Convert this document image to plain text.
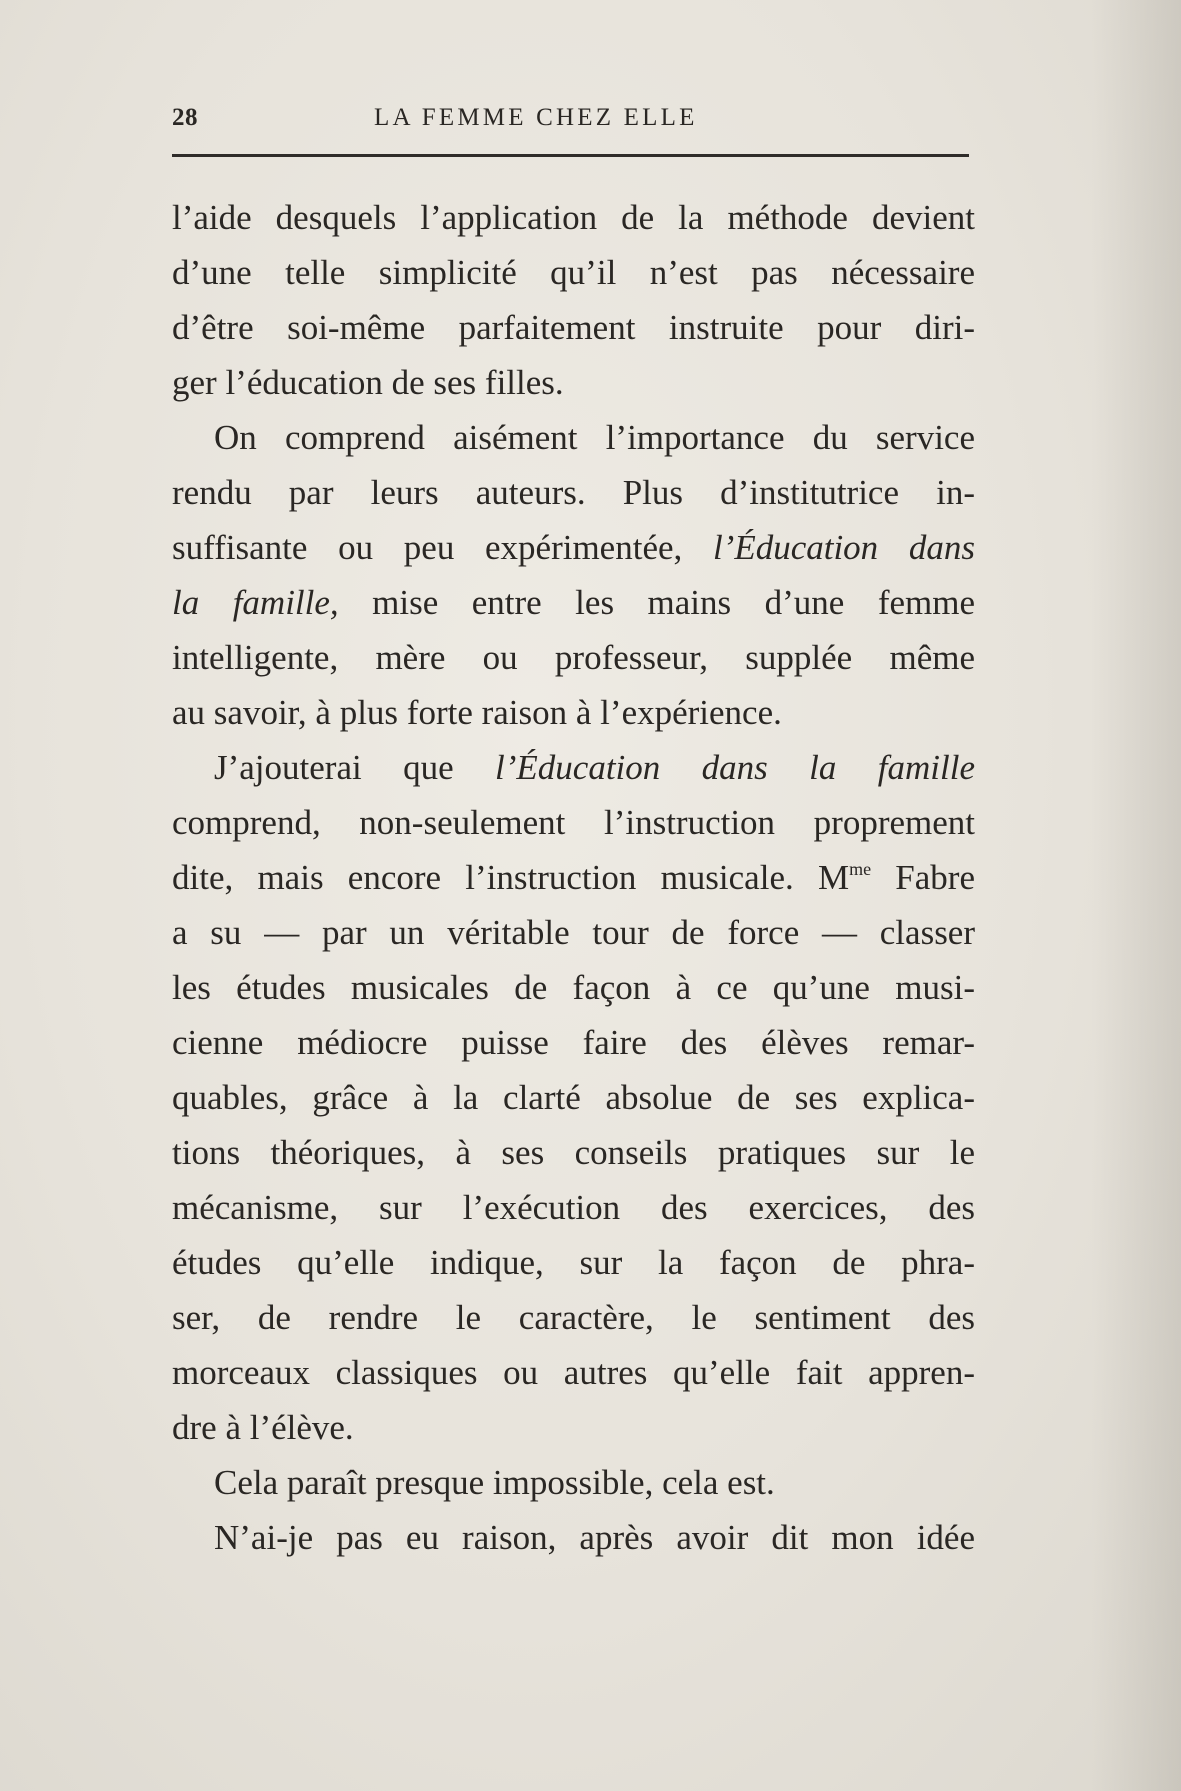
28	LA FEMME CHEZ ELLE
l’aide desquels l’application de la méthode devient
d’une telle simplicité qu’il n’est pas nécessaire
d’être soi-même parfaitement instruite pour diri-
ger l’éducation de ses filles.
On comprend aisément l’importance du service
rendu par leurs auteurs. Plus d’institutrice in-
suffisante ou peu expérimentée, l’Éducation dans
la famille, mise entre les mains d’une femme
intelligente, mère ou professeur, supplée même
au savoir, à plus forte raison à l’expérience.
J’ajouterai que l’Éducation dans la famille
comprend, non-seulement l’instruction proprement
dite, mais encore l’instruction musicale. $M^{me}$ Fabre
a su — par un véritable tour de force — classer
les études musicales de façon à ce qu’une musi-
cienne médiocre puisse faire des élèves remar-
quables, grâce à la clarté absolue de ses explica-
tions théoriques, à ses conseils pratiques sur le
mécanisme, sur l’exécution des exercices, des
études qu’elle indique, sur la façon de phra-
ser, de rendre le caractère, le sentiment des
morceaux classiques ou autres qu’elle fait appren-
dre à l’élève.
Cela paraît presque impossible, cela est.
N’ai-je pas eu raison, après avoir dit mon idée
